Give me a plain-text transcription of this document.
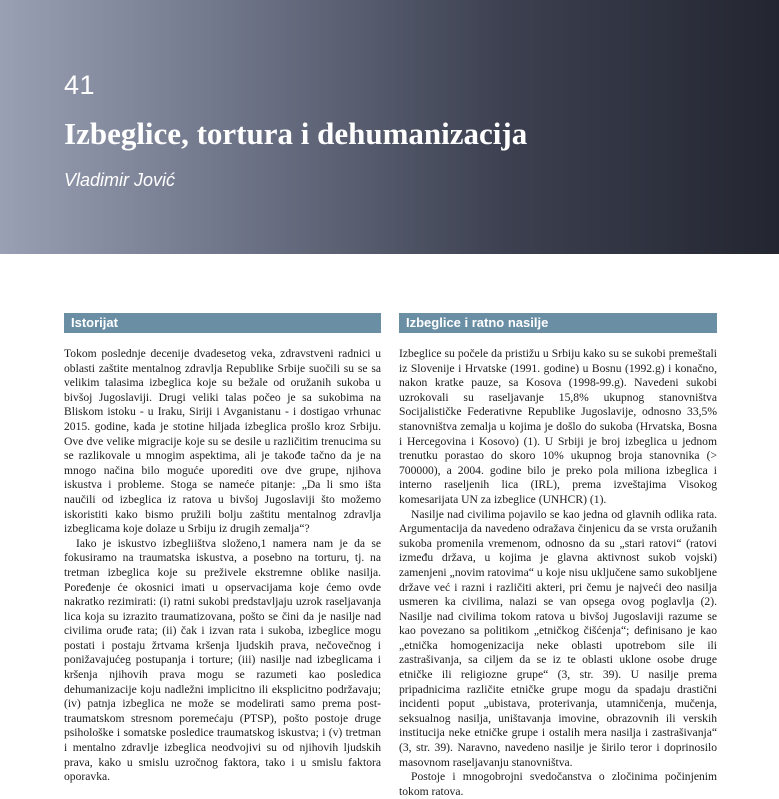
41
Izbeglice, tortura i dehumanizacija
Vladimir Jović
Istorijat	Izbeglice i ratno nasilje

Tokom poslednje decenije dvadesetog veka, zdravstveni radnici u oblasti zaštite mentalnog zdravlja Republike Srbije suočili su se sa velikim talasima izbeglica koje su bežale od oružanih sukoba u bivšoj Jugoslaviji. Drugi veliki talas počeo je sa sukobima na Bliskom istoku - u Iraku, Siriji i Avganistanu - i dostigao vrhunac 2015. godine, kada je stotine hiljada izbeglica prošlo kroz Srbiju. Ove dve velike migracije koje su se desile u različitim trenucima su se razlikovale u mnogim aspektima, ali je takođe tačno da je na mnogo načina bilo moguće uporediti ove dve grupe, njihova iskustva i probleme. Stoga se nameće pitanje: „Da li smo išta naučili od izbeglica iz ratova u bivšoj Jugoslaviji što možemo iskoristiti kako bismo pružili bolju zaštitu mentalnog zdravlja izbeglicama koje dolaze u Srbiju iz drugih zemalja“?

Iako je iskustvo izbegliištva složeno,1 namera nam je da se fokusiramo na traumatska iskustva, a posebno na torturu, tj. na tretman izbeglica koje su preživele ekstremne oblike nasilja. Poređenje će okosnici imati u opservacijama koje ćemo ovde nakratko rezimirati: (i) ratni sukobi predstavljaju uzrok raseljavanja lica koja su izrazito traumatizovana, pošto se čini da je nasilje nad civilima oruđe rata; (ii) čak i izvan rata i sukoba, izbeglice mogu postati i postaju žrtvama kršenja ljudskih prava, nečovečnog i ponižavajućeg postupanja i torture; (iii) nasilje nad izbeglicama i kršenja njihovih prava mogu se razumeti kao posledica dehumanizacije koju nadležni implicitno ili eksplicitno podržavaju; (iv) patnja izbeglica ne može se modelirati samo prema post-traumatskom stresnom poremećaju (PTSP), pošto postoje druge psihološke i somatske posledice traumatskog iskustva; i (v) tretman i mentalno zdravlje izbeglica neodvojivi su od njihovih ljudskih prava, kako u smislu uzročnog faktora, tako i u smislu faktora oporavka.

Izbeglice su počele da pristižu u Srbiju kako su se sukobi premeštali iz Slovenije i Hrvatske (1991. godine) u Bosnu (1992.g) i konačno, nakon kratke pauze, sa Kosova (1998-99.g). Navedeni sukobi uzrokovali su raseljavanje 15,8% ukupnog stanovništva Socijalističke Federativne Republike Jugoslavije, odnosno 33,5% stanovništva zemalja u kojima je došlo do sukoba (Hrvatska, Bosna i Hercegovina i Kosovo) (1). U Srbiji je broj izbeglica u jednom trenutku porastao do skoro 10% ukupnog broja stanovnika (> 700000), a 2004. godine bilo je preko pola miliona izbeglica i interno raseljenih lica (IRL), prema izveštajima Visokog komesarijata UN za izbeglice (UNHCR) (1).

Nasilje nad civilima pojavilo se kao jedna od glavnih odlika rata. Argumentacija da navedeno odražava činjenicu da se vrsta oružanih sukoba promenila vremenom, odnosno da su „stari ratovi“ (ratovi između država, u kojima je glavna aktivnost sukob vojski) zamenjeni „novim ratovima“ u koje nisu uključene samo sukobljene države već i razni i različiti akteri, pri čemu je najveći deo nasilja usmeren ka civilima, nalazi se van opsega ovog poglavlja (2). Nasilje nad civilima tokom ratova u bivšoj Jugoslaviji razume se kao povezano sa politikom „etničkog čišćenja“; definisano je kao „etnička homogenizacija neke oblasti upotrebom sile ili zastrašivanja, sa ciljem da se iz te oblasti uklone osobe druge etničke ili religiozne grupe“ (3, str. 39). U nasilje prema pripadnicima različite etničke grupe mogu da spadaju drastični incidenti poput „ubistava, proterivanja, utamničenja, mučenja, seksualnog nasilja, uništavanja imovine, obrazovnih ili verskih institucija neke etničke grupe i ostalih mera nasilja i zastrašivanja“ (3, str. 39). Naravno, navedeno nasilje je širilo teror i doprinosilo masovnom raseljavanju stanovništva.

Postoje i mnogobrojni svedočanstva o zločinima počinjenim tokom ratova.
